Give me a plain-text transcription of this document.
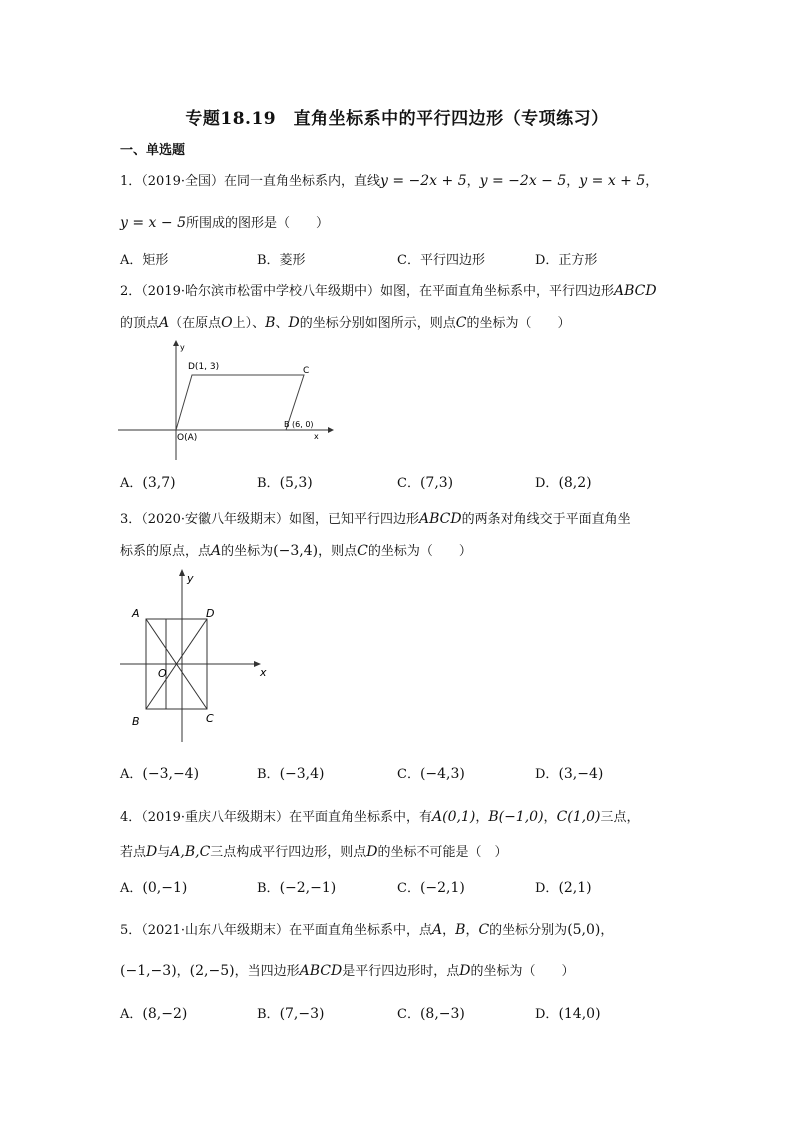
专题18.19　直角坐标系中的平行四边形（专项练习）
一、单选题
1．（2019·全国）在同一直角坐标系内，直线y = −2x + 5，y = −2x − 5，y = x + 5，
y = x − 5所围成的图形是（　　）
A．矩形	B．菱形	C．平行四边形	D．正方形
2．（2019·哈尔滨市松雷中学校八年级期中）如图，在平面直角坐标系中，平行四边形ABCD
的顶点A（在原点O上）、B、D的坐标分别如图所示，则点C的坐标为（　　）
y
x
D(1, 3)	C
B (6, 0)
O(A)
A．(3,7)	B．(5,3)	C．(7,3)	D．(8,2)
3．（2020·安徽八年级期末）如图，已知平行四边形ABCD的两条对角线交于平面直角坐
标系的原点，点A的坐标为(−3,4)，则点C的坐标为（　　）
y
x
A	D
O
B	C
A．(−3,−4)	B．(−3,4)	C．(−4,3)	D．(3,−4)
4．（2019·重庆八年级期末）在平面直角坐标系中，有A(0,1)，B(−1,0)，C(1,0)三点，
若点D与A,B,C三点构成平行四边形，则点D的坐标不可能是（　）
A．(0,−1)	B．(−2,−1)	C．(−2,1)	D．(2,1)
5．（2021·山东八年级期末）在平面直角坐标系中，点A，B，C的坐标分别为(5,0)，
(−1,−3)，(2,−5)，当四边形ABCD是平行四边形时，点D的坐标为（　　）
A．(8,−2)	B．(7,−3)	C．(8,−3)	D．(14,0)
